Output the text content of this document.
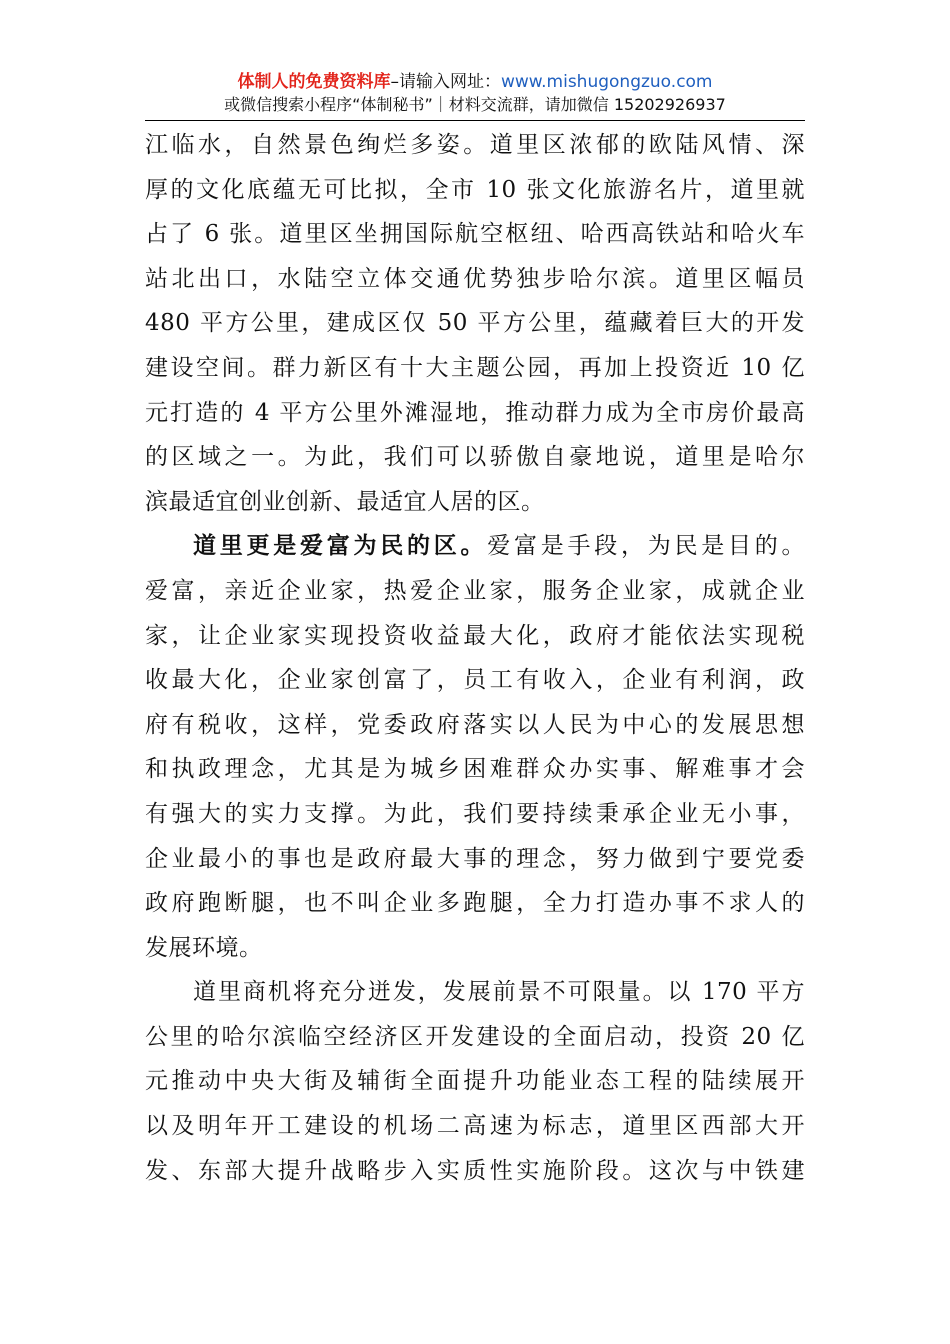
体制人的免费资料库–请输入网址：www.mishugongzuo.com
或微信搜索小程序“体制秘书”｜材料交流群，请加微信 15202926937
江临水，自然景色绚烂多姿。道里区浓郁的欧陆风情、深
厚的文化底蕴无可比拟，全市 10 张文化旅游名片，道里就
占了 6 张。道里区坐拥国际航空枢纽、哈西高铁站和哈火车
站北出口，水陆空立体交通优势独步哈尔滨。道里区幅员
480 平方公里，建成区仅 50 平方公里，蕴藏着巨大的开发
建设空间。群力新区有十大主题公园，再加上投资近 10 亿
元打造的 4 平方公里外滩湿地，推动群力成为全市房价最高
的区域之一。为此，我们可以骄傲自豪地说，道里是哈尔
滨最适宜创业创新、最适宜人居的区。
道里更是爱富为民的区。爱富是手段，为民是目的。
爱富，亲近企业家，热爱企业家，服务企业家，成就企业
家，让企业家实现投资收益最大化，政府才能依法实现税
收最大化，企业家创富了，员工有收入，企业有利润，政
府有税收，这样，党委政府落实以人民为中心的发展思想
和执政理念，尤其是为城乡困难群众办实事、解难事才会
有强大的实力支撑。为此，我们要持续秉承企业无小事，
企业最小的事也是政府最大事的理念，努力做到宁要党委
政府跑断腿，也不叫企业多跑腿，全力打造办事不求人的
发展环境。
道里商机将充分迸发，发展前景不可限量。以 170 平方
公里的哈尔滨临空经济区开发建设的全面启动，投资 20 亿
元推动中央大街及辅街全面提升功能业态工程的陆续展开
以及明年开工建设的机场二高速为标志，道里区西部大开
发、东部大提升战略步入实质性实施阶段。这次与中铁建
